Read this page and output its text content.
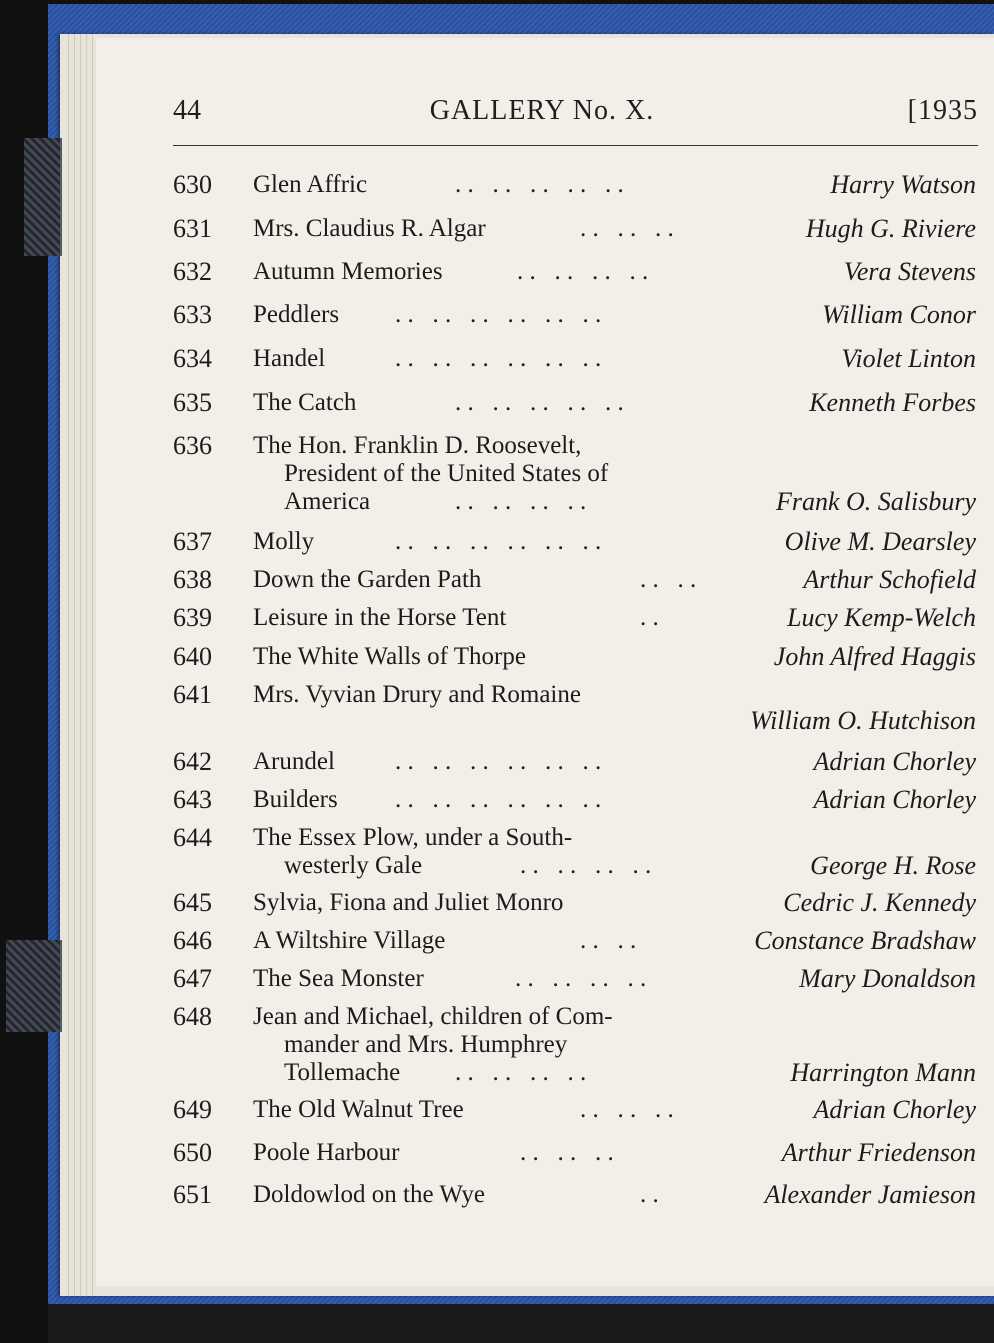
44	GALLERY No. X.	[1935
630	Glen Affric	. .   . .   . .   . .   . .	Harry Watson
631	Mrs. Claudius R. Algar	. .   . .   . .	Hugh G. Riviere
632	Autumn Memories	. .   . .   . .   . .	Vera Stevens
633	Peddlers . .   . .   . .   . .   . .   . .	William Conor
634	Handel	. .   . .   . .   . .   . .   . .	Violet Linton
635	The Catch	. .   . .   . .   . .   . .	Kenneth Forbes
636	The Hon. Franklin D. Roosevelt,
President of the United States of
America	. .   . .   . .   . .	Frank O. Salisbury
637	Molly	. .   . .   . .   . .   . .   . .	Olive M. Dearsley
638	Down the Garden Path	. .   . .	Arthur Schofield
639	Leisure in the Horse Tent	. .	Lucy Kemp-Welch
640	The White Walls of Thorpe	John Alfred Haggis
641	Mrs. Vyvian Drury and Romaine
William O. Hutchison
642	Arundel . .   . .   . .   . .   . .   . .	Adrian Chorley
643	Builders . .   . .   . .   . .   . .   . .	Adrian Chorley
644	The Essex Plow, under a South-
westerly Gale	. .   . .   . .   . .	George H. Rose
645	Sylvia, Fiona and Juliet Monro	Cedric J. Kennedy
646	A Wiltshire Village	. .   . .	Constance Bradshaw
647	The Sea Monster	. .   . .   . .   . .	Mary Donaldson
648	Jean and Michael, children of Com-
mander and Mrs. Humphrey
Tollemache . .   . .   . .   . .	Harrington Mann
649	The Old Walnut Tree	. .   . .   . .	Adrian Chorley
650	Poole Harbour	. .   . .   . .	Arthur Friedenson
651	Doldowlod on the Wye	. .	Alexander Jamieson
